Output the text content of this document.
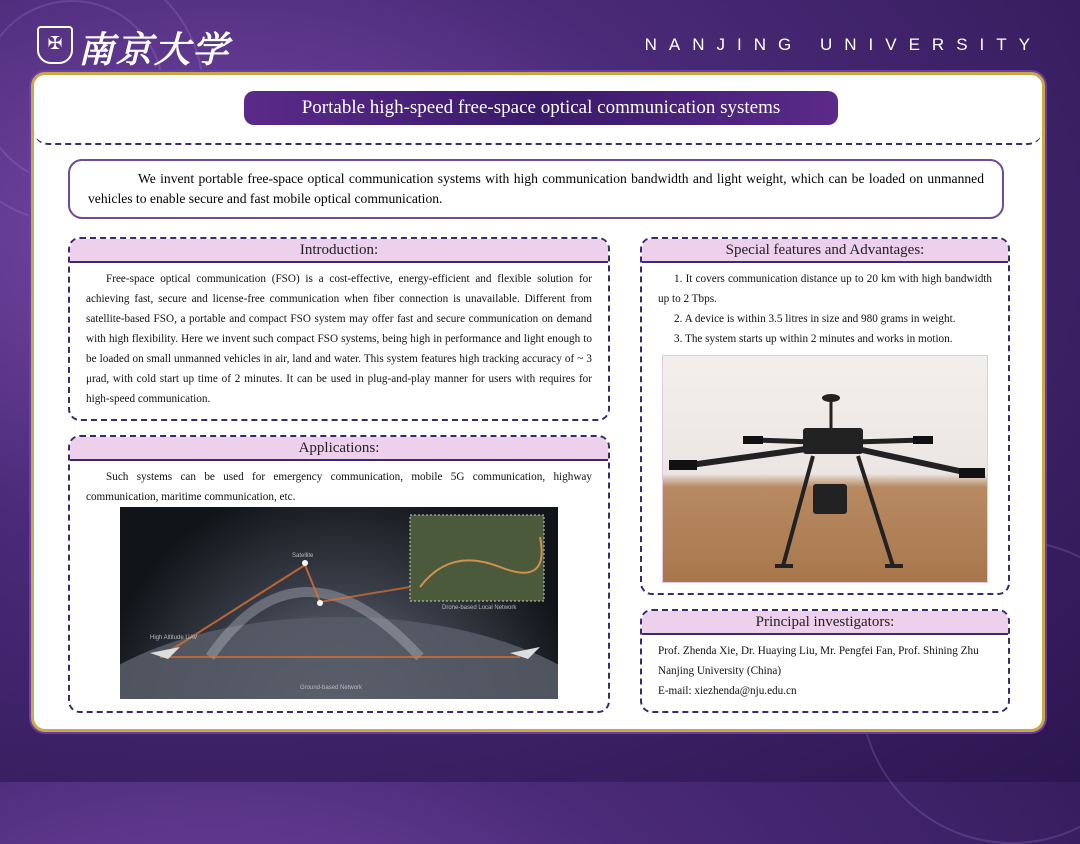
✠ 南京大学	NANJING UNIVERSITY
Portable high-speed free-space optical communication systems

We invent portable free-space optical communication systems with high communication bandwidth and light weight, which can be loaded on unmanned vehicles to enable secure and fast mobile optical communication.

Introduction:

Free-space optical communication (FSO) is a cost-effective, energy-efficient and flexible solution for achieving fast, secure and license-free communication when fiber connection is unavailable. Different from satellite-based FSO, a portable and compact FSO system may offer fast and secure communication on demand with high flexibility. Here we invent such compact FSO systems, being high in performance and light enough to be loaded on small unmanned vehicles in air, land and water. This system features high tracking accuracy of ~ 3 μrad, with cold start up time of 2 minutes. It can be used in plug-and-play manner for users with requires for high-speed communication.

Applications:

Such systems can be used for emergency communication, mobile 5G communication, highway communication, maritime communication, etc.

Satellite
High Altitude UAV
Drone-based Local Network
Ground-based Network
Special features and Advantages:

1. It covers communication distance up to 20 km with high bandwidth up to 2 Tbps.

2. A device is within 3.5 litres in size and 980 grams in weight.

3. The system starts up within 2 minutes and works in motion.

Principal investigators:

Prof. Zhenda Xie, Dr. Huaying Liu, Mr. Pengfei Fan, Prof. Shining Zhu

Nanjing University (China)

E-mail: xiezhenda@nju.edu.cn
